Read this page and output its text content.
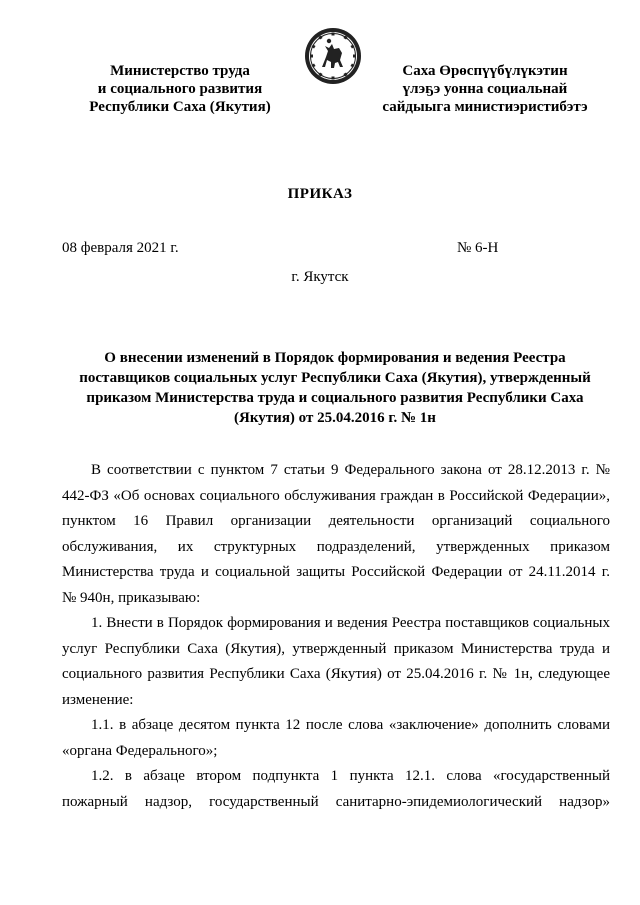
Министерство труда
и социального развития
Республики Саха (Якутия)
Саха Өрөспүүбүлүкэтин
үлэҕэ уонна социальнай
сайдыыга министиэристибэтэ
ПРИКАЗ
08 февраля 2021 г.	№ 6-Н
г. Якутск
О внесении изменений в Порядок формирования и ведения Реестра
поставщиков социальных услуг Республики Саха (Якутия), утвержденный
приказом Министерства труда и социального развития Республики Саха
(Якутия) от 25.04.2016 г. № 1н
В соответствии с пунктом 7 статьи 9 Федерального закона от 28.12.2013 г. №
442-ФЗ «Об основах социального обслуживания граждан в Российской Федерации»,
пунктом 16 Правил организации деятельности организаций социального
обслуживания, их структурных подразделений, утвержденных приказом
Министерства труда и социальной защиты Российской Федерации от 24.11.2014 г.
№ 940н, приказываю:
1. Внести в Порядок формирования и ведения Реестра поставщиков социальных
услуг Республики Саха (Якутия), утвержденный приказом Министерства труда и
социального развития Республики Саха (Якутия) от 25.04.2016 г. № 1н, следующее
изменение:
1.1. в абзаце десятом пункта 12 после слова «заключение» дополнить словами
«органа Федерального»;
1.2. в абзаце втором подпункта 1 пункта 12.1. слова «государственный
пожарный надзор, государственный санитарно-эпидемиологический надзор»
